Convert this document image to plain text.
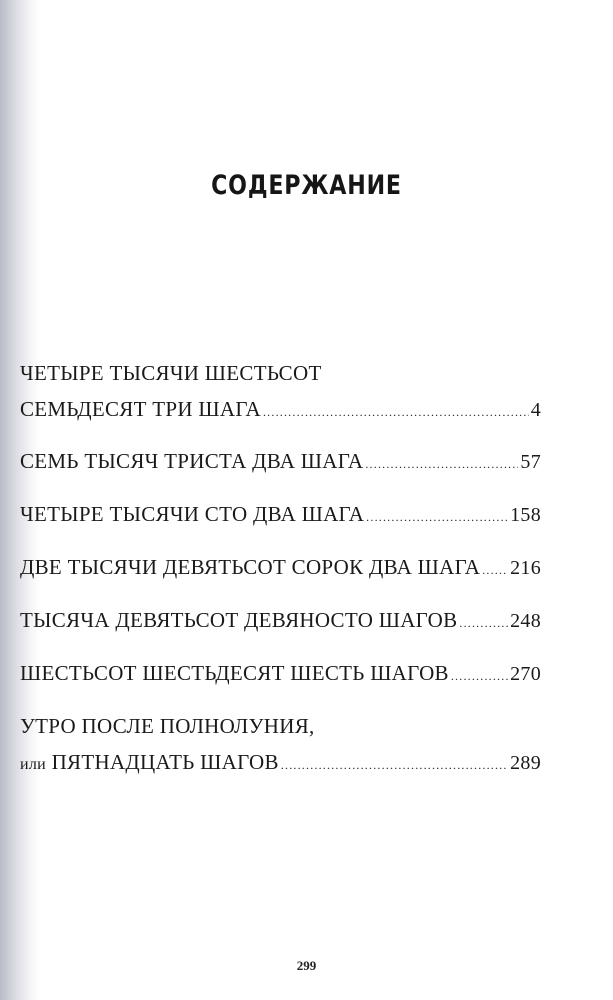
СОДЕРЖАНИЕ
ЧЕТЫРЕ ТЫСЯЧИ ШЕСТЬСОТ
СЕМЬДЕСЯТ ТРИ ШАГА .....	4
СЕМЬ ТЫСЯЧ ТРИСТА ДВА ШАГА .....	57
ЧЕТЫРЕ ТЫСЯЧИ СТО ДВА ШАГА .....	158
ДВЕ ТЫСЯЧИ ДЕВЯТЬСОТ СОРОК ДВА ШАГА ..... 216
ТЫСЯЧА ДЕВЯТЬСОТ ДЕВЯНОСТО ШАГОВ .....	248
ШЕСТЬСОТ ШЕСТЬДЕСЯТ ШЕСТЬ ШАГОВ .....	270
УТРО ПОСЛЕ ПОЛНОЛУНИЯ,
или
ПЯТНАДЦАТЬ ШАГОВ .....	289
299
